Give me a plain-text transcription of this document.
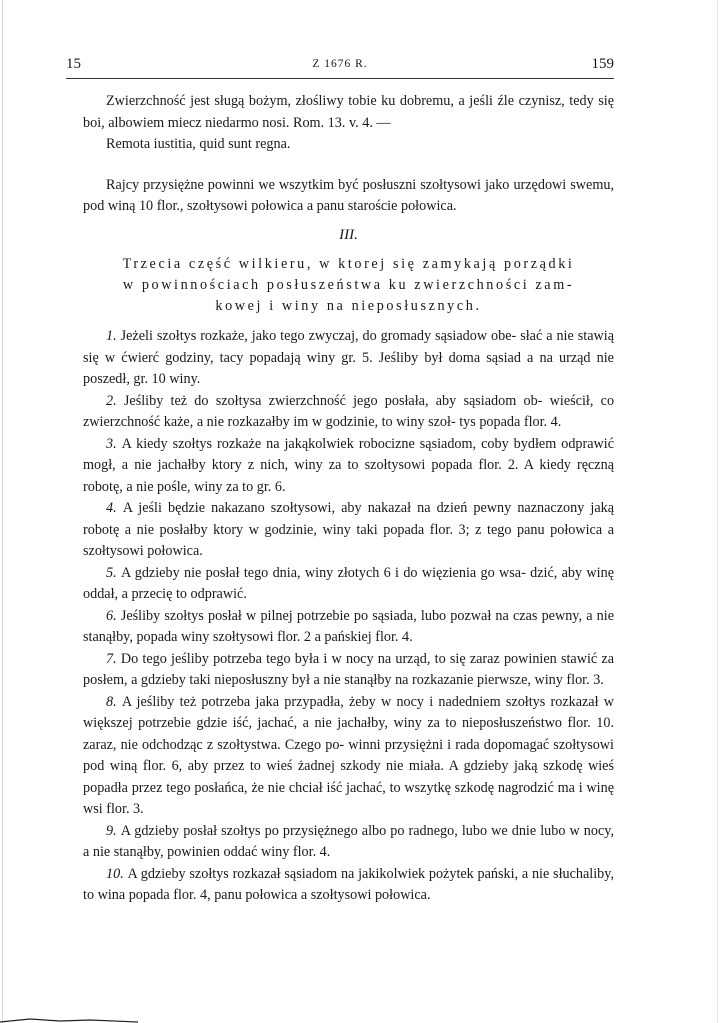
15	Z 1676 R.	159

Zwierzchność jest sługą bożym, złośliwy tobie ku dobremu, a jeśli źle czynisz, tedy się boi, albowiem miecz niedarmo nosi. Rom. 13. v. 4. —

Remota iustitia, quid sunt regna.

Rajcy przysiężne powinni we wszytkim być posłuszni szołtysowi jako urzędowi swemu, pod winą 10 flor., szołtysowi połowica a panu staroście połowica.

III.

Trzecia część wilkieru, w ktorej się zamykają porządki

w powinnościach posłuszeństwa ku zwierzchności zam-

kowej i winy na nieposłusznych.

1. Jeżeli szołtys rozkaże, jako tego zwyczaj, do gromady sąsiadow obe- słać a nie stawią się w ćwierć godziny, tacy popadają winy gr. 5. Jeśliby był doma sąsiad a na urząd nie poszedł, gr. 10 winy.

2. Jeśliby też do szołtysa zwierzchność jego posłała, aby sąsiadom ob- wieścił, co zwierzchność każe, a nie rozkazałby im w godzinie, to winy szoł- tys popada flor. 4.

3. A kiedy szołtys rozkaże na jakąkolwiek robocizne sąsiadom, coby bydłem odprawić mogł, a nie jachałby ktory z nich, winy za to szołtysowi popada flor. 2. A kiedy ręczną robotę, a nie pośle, winy za to gr. 6.

4. A jeśli będzie nakazano szołtysowi, aby nakazał na dzień pewny naznaczony jaką robotę a nie posłałby ktory w godzinie, winy taki popada flor. 3; z tego panu połowica a szołtysowi połowica.

5. A gdzieby nie posłał tego dnia, winy złotych 6 i do więzienia go wsa- dzić, aby winę oddał, a przecię to odprawić.

6. Jeśliby szołtys posłał w pilnej potrzebie po sąsiada, lubo pozwał na czas pewny, a nie stanąłby, popada winy szołtysowi flor. 2 a pańskiej flor. 4.

7. Do tego jeśliby potrzeba tego była i w nocy na urząd, to się zaraz powinien stawić za posłem, a gdzieby taki nieposłuszny był a nie stanąłby na rozkazanie pierwsze, winy flor. 3.

8. A jeśliby też potrzeba jaka przypadła, żeby w nocy i nadedniem szołtys rozkazał w większej potrzebie gdzie iść, jachać, a nie jachałby, winy za to nieposłuszeństwo flor. 10. zaraz, nie odchodząc z szołtystwa. Czego po- winni przysiężni i rada dopomagać szołtysowi pod winą flor. 6, aby przez to wieś żadnej szkody nie miała. A gdzieby jaką szkodę wieś popadła przez tego posłańca, że nie chciał iść jachać, to wszytkę szkodę nagrodzić ma i winę wsi flor. 3.

9. A gdzieby posłał szołtys po przysiężnego albo po radnego, lubo we dnie lubo w nocy, a nie stanąłby, powinien oddać winy flor. 4.

10. A gdzieby szołtys rozkazał sąsiadom na jakikolwiek pożytek pański, a nie słuchaliby, to wina popada flor. 4, panu połowica a szołtysowi połowica.
